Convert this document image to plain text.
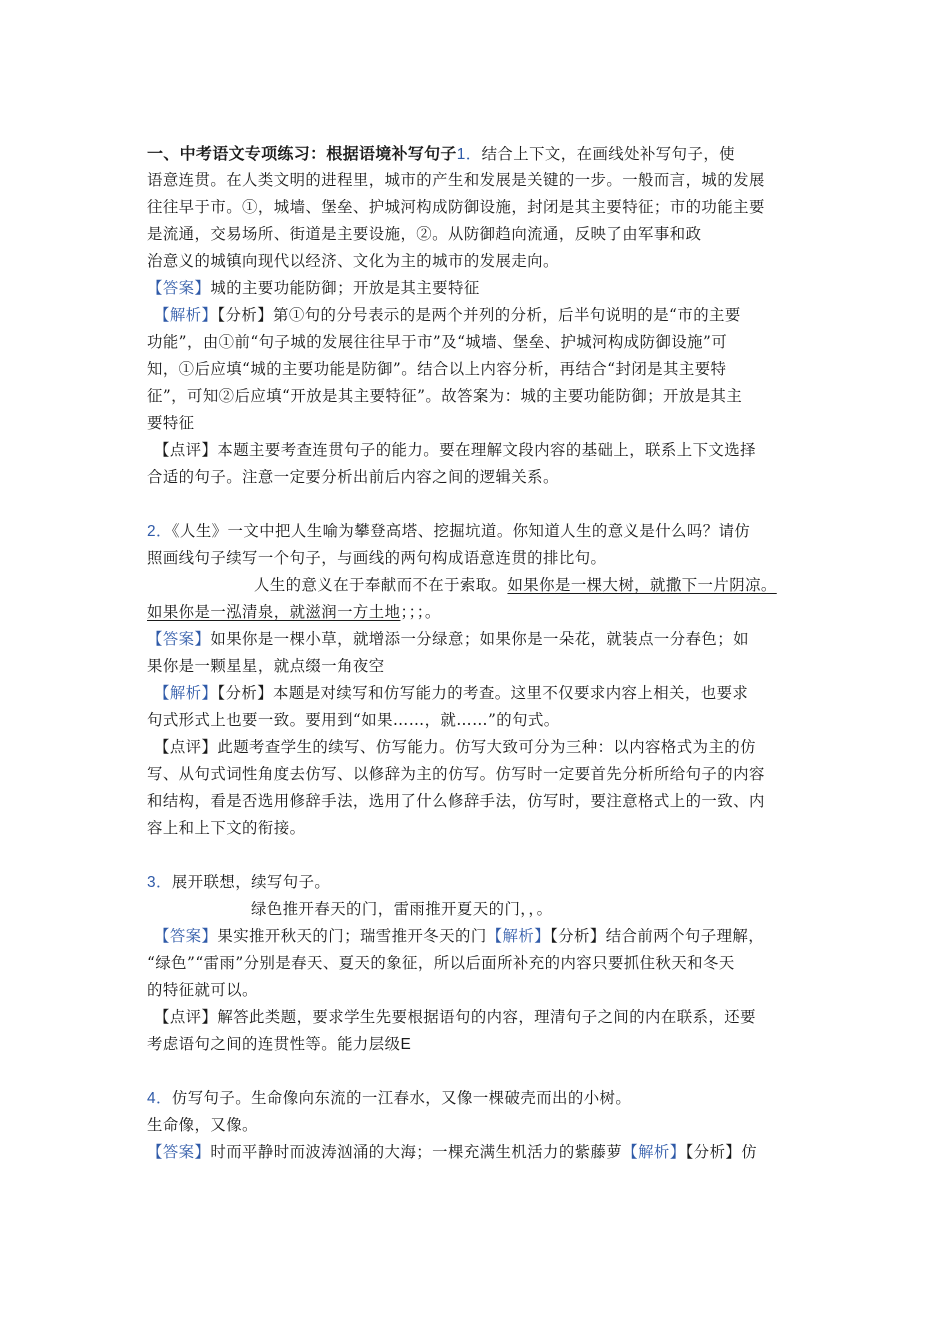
一、中考语文专项练习：根据语境补写句子1．结合上下文，在画线处补写句子，使
语意连贯。在人类文明的进程里，城市的产生和发展是关键的一步。一般而言，城的发展
往往早于市。①，城墙、堡垒、护城河构成防御设施，封闭是其主要特征；市的功能主要
是流通，交易场所、街道是主要设施，②。从防御趋向流通，反映了由军事和政
治意义的城镇向现代以经济、文化为主的城市的发展走向。
【答案】城的主要功能防御；开放是其主要特征
【解析】【分析】第①句的分号表示的是两个并列的分析，后半句说明的是“市的主要
功能”，由①前“句子城的发展往往早于市”及“城墙、堡垒、护城河构成防御设施”可
知，①后应填“城的主要功能是防御”。结合以上内容分析，再结合“封闭是其主要特
征”，可知②后应填“开放是其主要特征”。故答案为：城的主要功能防御；开放是其主
要特征
【点评】本题主要考查连贯句子的能力。要在理解文段内容的基础上，联系上下文选择
合适的句子。注意一定要分析出前后内容之间的逻辑关系。
2．《人生》一文中把人生喻为攀登高塔、挖掘坑道。你知道人生的意义是什么吗？请仿
照画线句子续写一个句子，与画线的两句构成语意连贯的排比句。
人生的意义在于奉献而不在于索取。如果你是一棵大树，就撒下一片阴凉。
如果你是一泓清泉，就滋润一方土地；；；。
【答案】如果你是一棵小草，就增添一分绿意；如果你是一朵花，就装点一分春色；如
果你是一颗星星，就点缀一角夜空
【解析】【分析】本题是对续写和仿写能力的考查。这里不仅要求内容上相关，也要求
句式形式上也要一致。要用到“如果……，就……”的句式。
【点评】此题考查学生的续写、仿写能力。仿写大致可分为三种：以内容格式为主的仿
写、从句式词性角度去仿写、以修辞为主的仿写。仿写时一定要首先分析所给句子的内容
和结构，看是否选用修辞手法，选用了什么修辞手法，仿写时，要注意格式上的一致、内
容上和上下文的衔接。
3．展开联想，续写句子。
绿色推开春天的门，雷雨推开夏天的门，，。
【答案】果实推开秋天的门；瑞雪推开冬天的门【解析】【分析】结合前两个句子理解，
“绿色”“雷雨”分别是春天、夏天的象征，所以后面所补充的内容只要抓住秋天和冬天
的特征就可以。
【点评】解答此类题，要求学生先要根据语句的内容，理清句子之间的内在联系，还要
考虑语句之间的连贯性等。能力层级E
4．仿写句子。生命像向东流的一江春水，又像一棵破壳而出的小树。
生命像，又像。
【答案】时而平静时而波涛汹涌的大海；一棵充满生机活力的紫藤萝【解析】【分析】仿
